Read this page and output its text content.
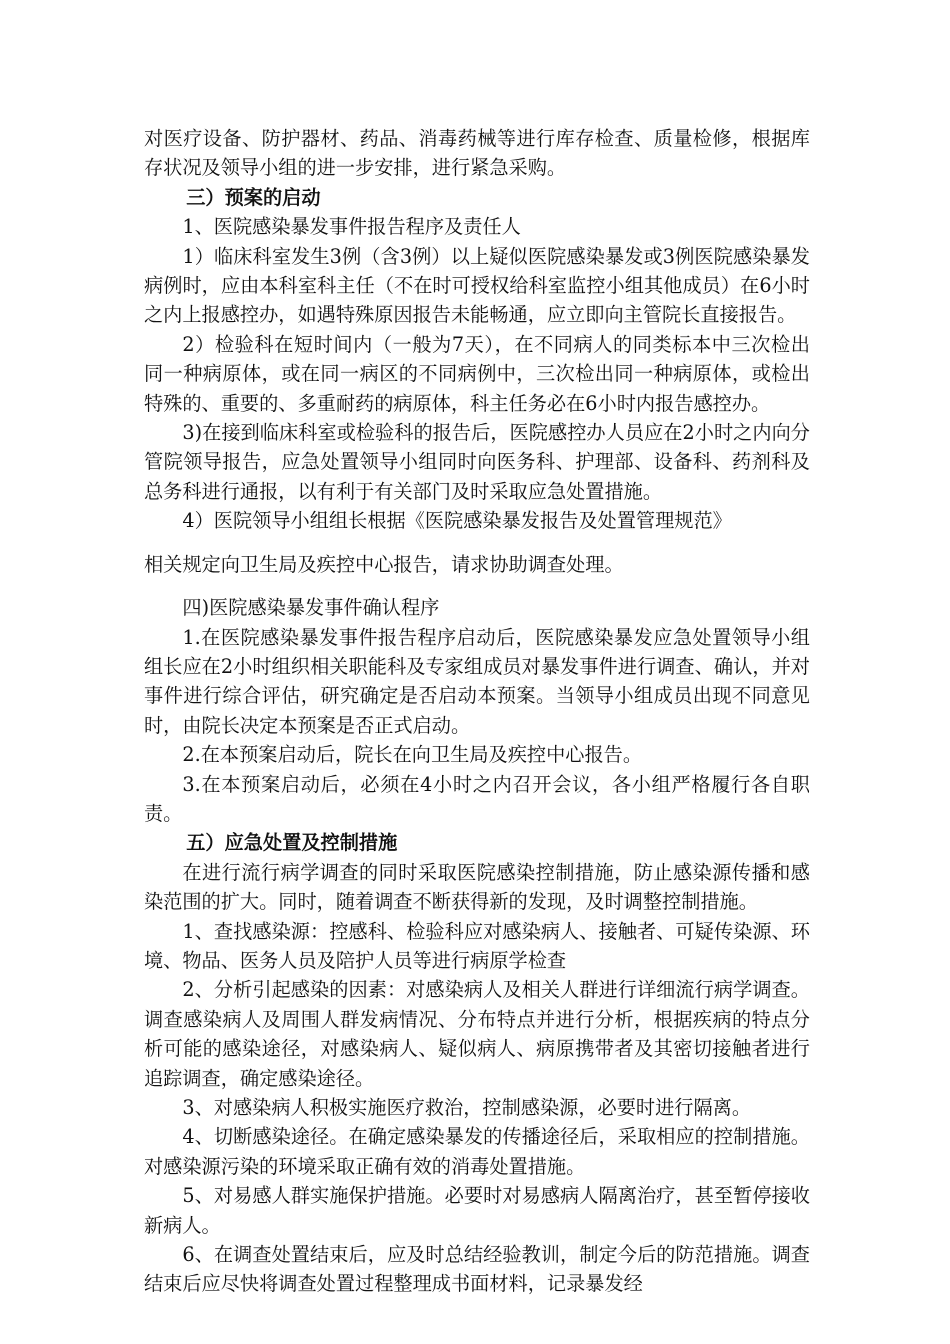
对医疗设备、防护器材、药品、消毒药械等进行库存检查、质量检修，根据库存状况及领导小组的进一步安排，进行紧急采购。

三）预案的启动

1、医院感染暴发事件报告程序及责任人

1）临床科室发生3例（含3例）以上疑似医院感染暴发或3例医院感染暴发病例时，应由本科室科主任（不在时可授权给科室监控小组其他成员）在6小时之内上报感控办，如遇特殊原因报告未能畅通，应立即向主管院长直接报告。

2）检验科在短时间内（一般为7天），在不同病人的同类标本中三次检出同一种病原体，或在同一病区的不同病例中，三次检出同一种病原体，或检出特殊的、重要的、多重耐药的病原体，科主任务必在6小时内报告感控办。

3)在接到临床科室或检验科的报告后，医院感控办人员应在2小时之内向分管院领导报告，应急处置领导小组同时向医务科、护理部、设备科、药剂科及总务科进行通报，以有利于有关部门及时采取应急处置措施。

4）医院领导小组组长根据《医院感染暴发报告及处置管理规范》

相关规定向卫生局及疾控中心报告，请求协助调查处理。

四)医院感染暴发事件确认程序

1.在医院感染暴发事件报告程序启动后，医院感染暴发应急处置领导小组组长应在2小时组织相关职能科及专家组成员对暴发事件进行调查、确认，并对事件进行综合评估，研究确定是否启动本预案。当领导小组成员出现不同意见时，由院长决定本预案是否正式启动。

2.在本预案启动后，院长在向卫生局及疾控中心报告。

3.在本预案启动后，必须在4小时之内召开会议，各小组严格履行各自职责。

五）应急处置及控制措施

在进行流行病学调查的同时采取医院感染控制措施，防止感染源传播和感染范围的扩大。同时，随着调查不断获得新的发现，及时调整控制措施。

1、查找感染源：控感科、检验科应对感染病人、接触者、可疑传染源、环境、物品、医务人员及陪护人员等进行病原学检查

2、分析引起感染的因素：对感染病人及相关人群进行详细流行病学调查。调查感染病人及周围人群发病情况、分布特点并进行分析，根据疾病的特点分析可能的感染途径，对感染病人、疑似病人、病原携带者及其密切接触者进行追踪调查，确定感染途径。

3、对感染病人积极实施医疗救治，控制感染源，必要时进行隔离。

4、切断感染途径。在确定感染暴发的传播途径后，采取相应的控制措施。对感染源污染的环境采取正确有效的消毒处置措施。

5、对易感人群实施保护措施。必要时对易感病人隔离治疗，甚至暂停接收新病人。

6、在调查处置结束后，应及时总结经验教训，制定今后的防范措施。调查结束后应尽快将调查处置过程整理成书面材料，记录暴发经
